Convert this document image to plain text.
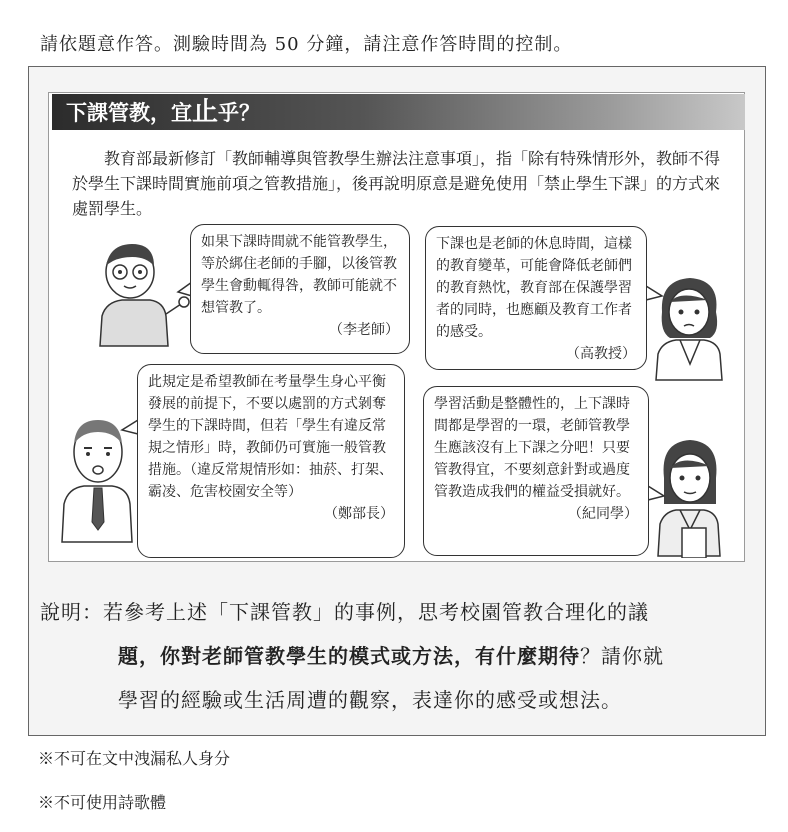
請依題意作答。測驗時間為 50 分鐘，請注意作答時間的控制。
下課管教，宜止乎？
教育部最新修訂「教師輔導與管教學生辦法注意事項」，指「除有特殊情形外，教師不得於學生下課時間實施前項之管教措施」，後再說明原意是避免使用「禁止學生下課」的方式來處罰學生。
如果下課時間就不能管教學生，等於綁住老師的手腳，以後管教學生會動輒得咎，教師可能就不想管教了。
（李老師）
下課也是老師的休息時間，這樣的教育變革，可能會降低老師們的教育熱忱，教育部在保護學習者的同時，也應顧及教育工作者的感受。
（高教授）
此規定是希望教師在考量學生身心平衡發展的前提下，不要以處罰的方式剝奪學生的下課時間，但若「學生有違反常規之情形」時，教師仍可實施一般管教措施。（違反常規情形如：抽菸、打架、霸凌、危害校園安全等）
（鄭部長）
學習活動是整體性的，上下課時間都是學習的一環，老師管教學生應該沒有上下課之分吧！只要管教得宜，不要刻意針對或過度管教造成我們的權益受損就好。
（紀同學）
說明：若參考上述「下課管教」的事例，思考校園管教合理化的議
題，你對老師管教學生的模式或方法，有什麼期待？請你就
學習的經驗或生活周遭的觀察，表達你的感受或想法。
※不可在文中洩漏私人身分
※不可使用詩歌體
